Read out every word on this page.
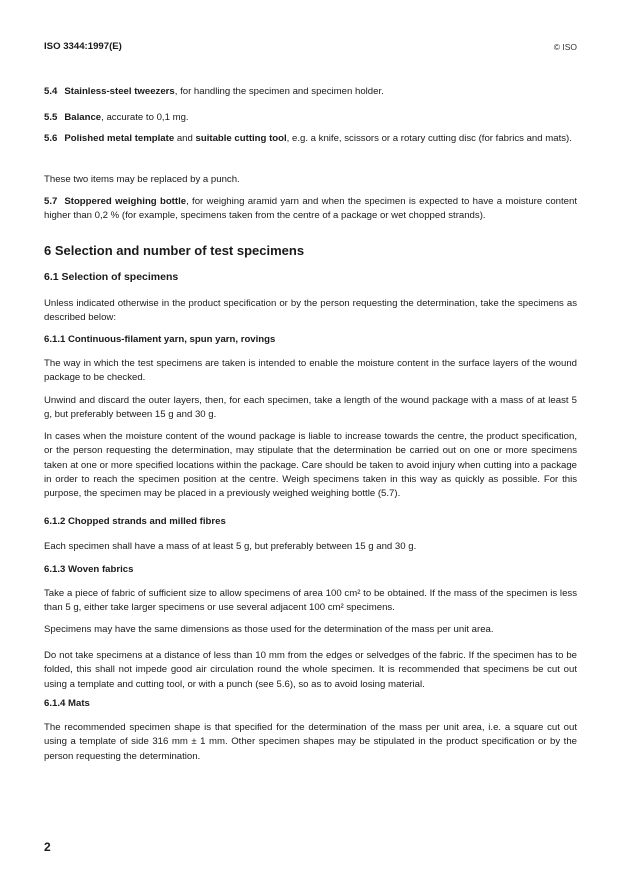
ISO 3344:1997(E)	© ISO
5.4 Stainless-steel tweezers, for handling the specimen and specimen holder.
5.5 Balance, accurate to 0,1 mg.
5.6 Polished metal template and suitable cutting tool, e.g. a knife, scissors or a rotary cutting disc (for fabrics and mats).
These two items may be replaced by a punch.
5.7 Stoppered weighing bottle, for weighing aramid yarn and when the specimen is expected to have a moisture content higher than 0,2 % (for example, specimens taken from the centre of a package or wet chopped strands).
6 Selection and number of test specimens
6.1 Selection of specimens
Unless indicated otherwise in the product specification or by the person requesting the determination, take the specimens as described below:
6.1.1 Continuous-filament yarn, spun yarn, rovings
The way in which the test specimens are taken is intended to enable the moisture content in the surface layers of the wound package to be checked.
Unwind and discard the outer layers, then, for each specimen, take a length of the wound package with a mass of at least 5 g, but preferably between 15 g and 30 g.
In cases when the moisture content of the wound package is liable to increase towards the centre, the product specification, or the person requesting the determination, may stipulate that the determination be carried out on one or more specimens taken at one or more specified locations within the package. Care should be taken to avoid injury when cutting into a package in order to reach the specimen position at the centre. Weigh specimens taken in this way as quickly as possible. For this purpose, the specimen may be placed in a previously weighed weighing bottle (5.7).
6.1.2 Chopped strands and milled fibres
Each specimen shall have a mass of at least 5 g, but preferably between 15 g and 30 g.
6.1.3 Woven fabrics
Take a piece of fabric of sufficient size to allow specimens of area 100 cm² to be obtained. If the mass of the specimen is less than 5 g, either take larger specimens or use several adjacent 100 cm² specimens.
Specimens may have the same dimensions as those used for the determination of the mass per unit area.
Do not take specimens at a distance of less than 10 mm from the edges or selvedges of the fabric. If the specimen has to be folded, this shall not impede good air circulation round the whole specimen. It is recommended that specimens be cut out using a template and cutting tool, or with a punch (see 5.6), so as to avoid losing material.
6.1.4 Mats
The recommended specimen shape is that specified for the determination of the mass per unit area, i.e. a square cut out using a template of side 316 mm ± 1 mm. Other specimen shapes may be stipulated in the product specification or by the person requesting the determination.
2
